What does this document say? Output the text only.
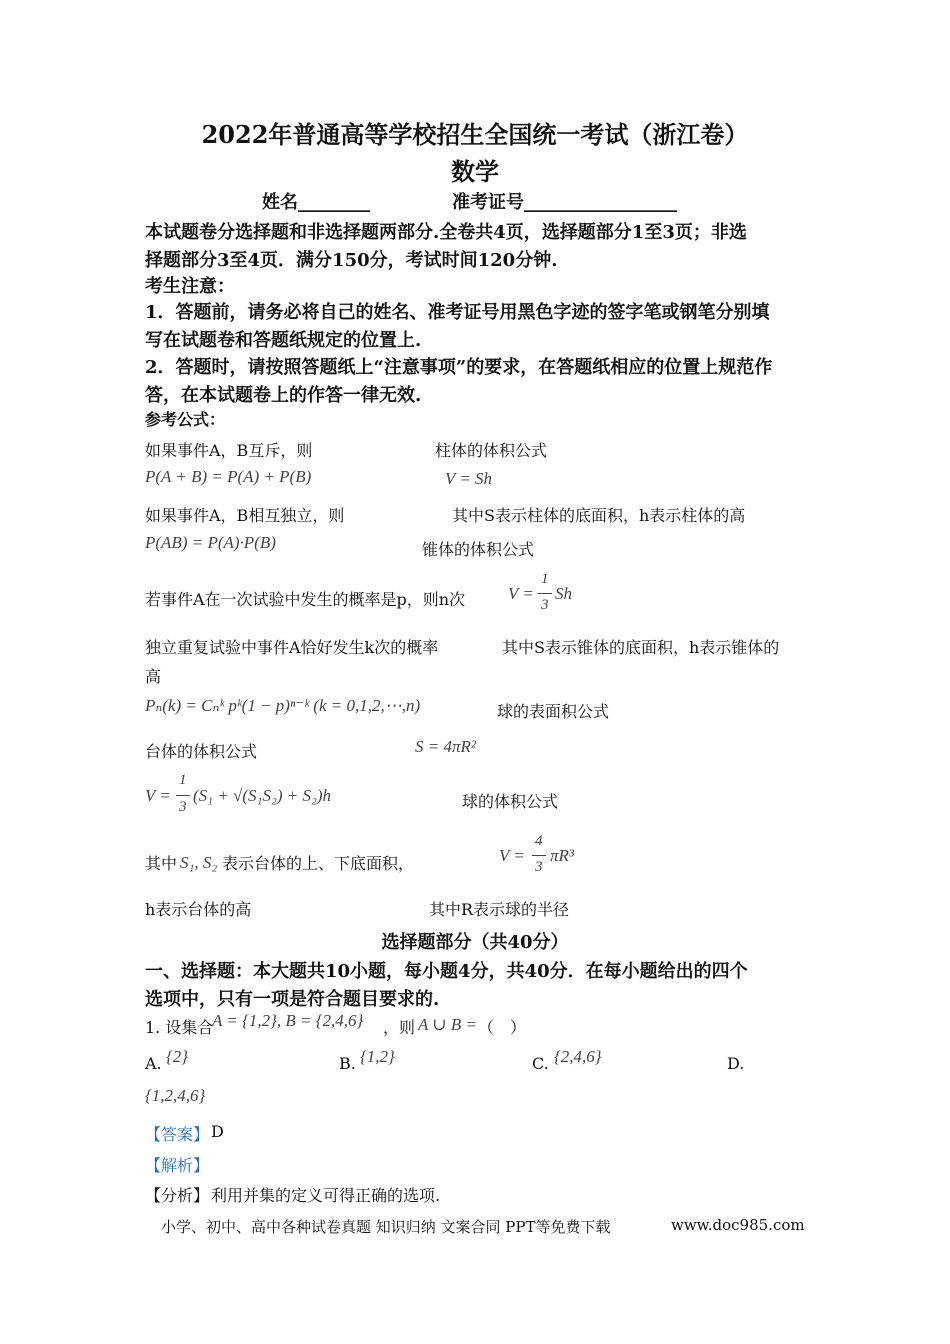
2022年普通高等学校招生全国统一考试（浙江卷）
数学
姓名________	准考证号_________________
本试题卷分选择题和非选择题两部分.全卷共4页，选择题部分1至3页；非选
择题部分3至4页．满分150分，考试时间120分钟.
考生注意：
1．答题前，请务必将自己的姓名、准考证号用黑色字迹的签字笔或钢笔分别填
写在试题卷和答题纸规定的位置上.
2．答题时，请按照答题纸上“注意事项”的要求，在答题纸相应的位置上规范作
答，在本试题卷上的作答一律无效.
参考公式：
如果事件A，B互斥，则	柱体的体积公式
P(A + B) = P(A) + P(B)	V = Sh
如果事件A，B相互独立，则	其中S表示柱体的底面积，h表示柱体的高
P(AB) = P(A)·P(B)	锥体的体积公式
若事件A在一次试验中发生的概率是p，则n次	V =
1
3
Sh
独立重复试验中事件A恰好发生k次的概率	其中S表示锥体的底面积，h表示锥体的
高
Pₙ(k) = Cₙᵏ pᵏ(1 − p)ⁿ⁻ᵏ (k = 0,1,2,⋯,n)	球的表面积公式
台体的体积公式	S = 4πR²
V =
1
3
(S₁ + √(S₁S₂) + S₂)h	球的体积公式
其中 S₁, S₂ 表示台体的上、下底面积，	V =
4
3
πR³
h表示台体的高	其中R表示球的半径
选择题部分（共40分）
一、选择题：本大题共10小题，每小题4分，共40分．在每小题给出的四个
选项中，只有一项是符合题目要求的.
1. 设集合
A = {1,2}, B = {2,4,6} ，则 A ∪ B = （　）
A. {2}	B. {1,2}	C. {2,4,6}	D.
{1,2,4,6}
【答案】 D
【解析】
【分析】 利用并集的定义可得正确的选项.
小学、初中、高中各种试卷真题 知识归纳 文案合同 PPT等免费下载	www.doc985.com
